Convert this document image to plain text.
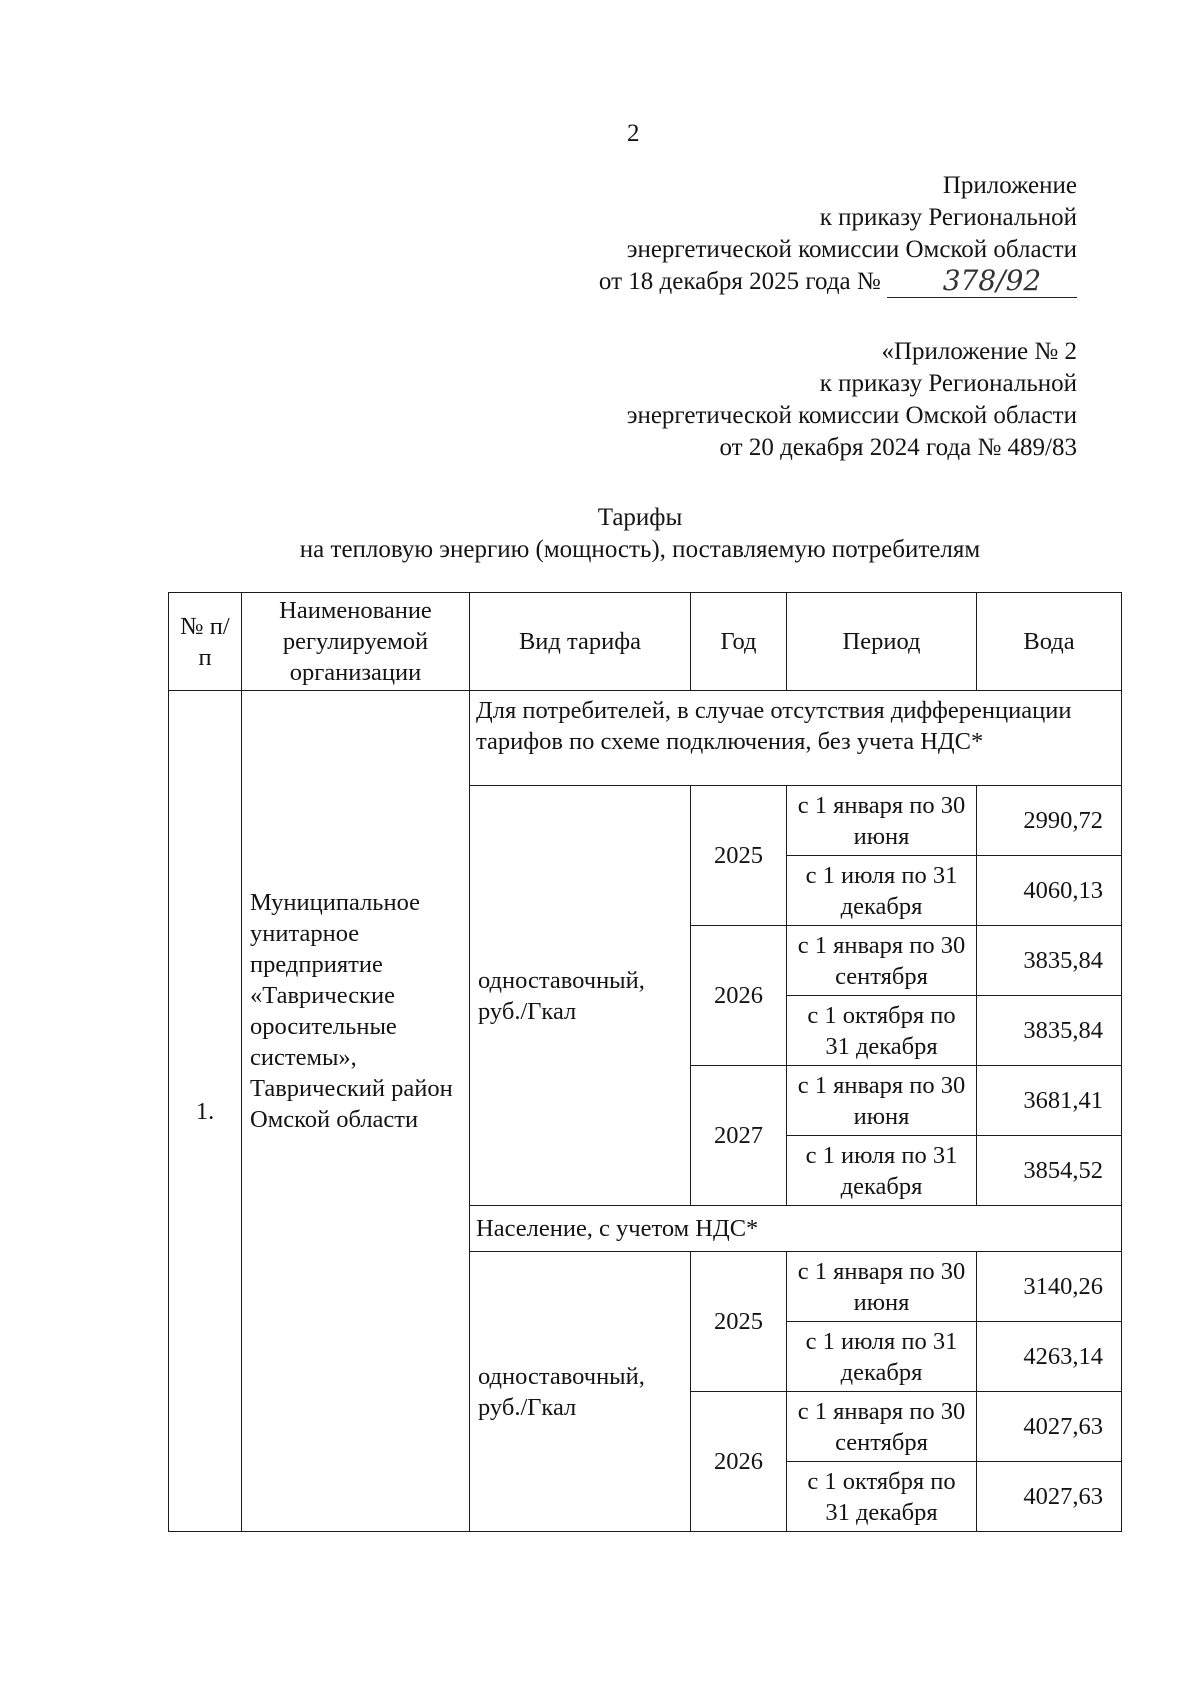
2
Приложение
к приказу Региональной
энергетической комиссии Омской области
от 18 декабря 2025 года №	378/92
«Приложение № 2
к приказу Региональной
энергетической комиссии Омской области
от 20 декабря 2024 года № 489/83
Тарифы
на тепловую энергию (мощность), поставляемую потребителям
№ п/п	Наименование регулируемой организации	Вид тарифа	Год	Период	Вода
1.	Муниципальное унитарное предприятие «Таврические оросительные системы», Таврический район Омской области	Для потребителей, в случае отсутствия дифференциации тарифов по схеме подключения, без учета НДС*			
		одноставочный, руб./Гкал	2025	с 1 января по 30 июня	2990,72
				с 1 июля по 31 декабря	4060,13
			2026	с 1 января по 30 сентября	3835,84
				с 1 октября по 31 декабря	3835,84
			2027	с 1 января по 30 июня	3681,41
				с 1 июля по 31 декабря	3854,52
		Население, с учетом НДС*			
		одноставочный, руб./Гкал	2025	с 1 января по 30 июня	3140,26
				с 1 июля по 31 декабря	4263,14
			2026	с 1 января по 30 сентября	4027,63
				с 1 октября по 31 декабря	4027,63
